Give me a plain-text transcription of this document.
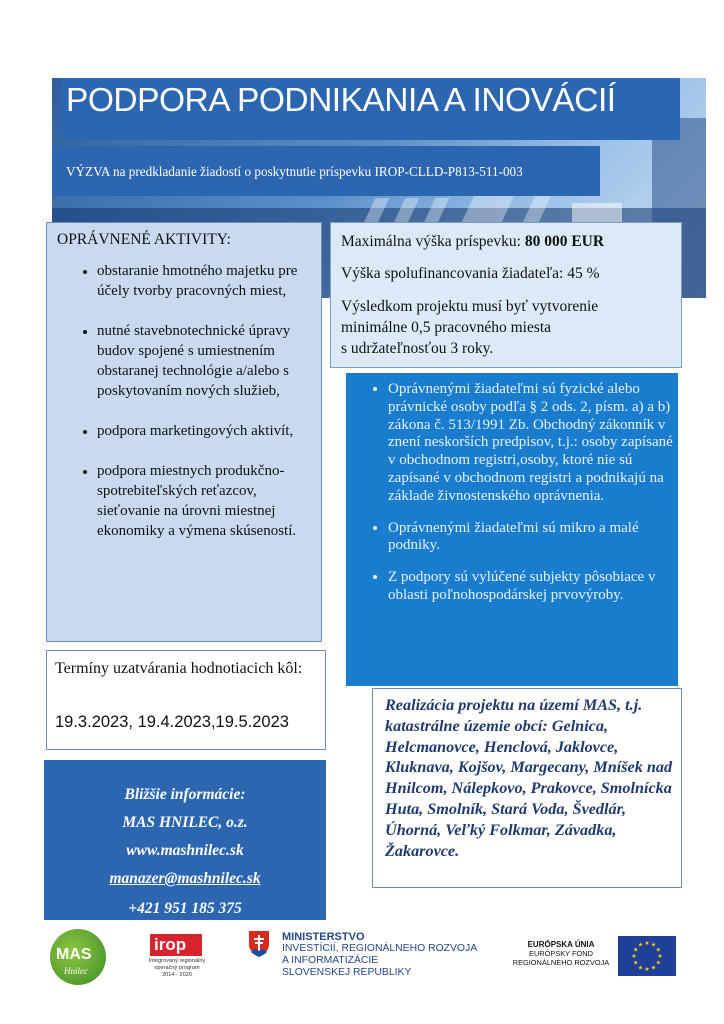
PODPORA PODNIKANIA A INOVÁCIÍ
VÝZVA na predkladanie žiadostí o poskytnutie príspevku IROP-CLLD-P813-511-003
OPRÁVNENÉ AKTIVITY:
• obstaranie hmotného majetku pre účely tvorby pracovných miest,
• nutné stavebnotechnické úpravy budov spojené s umiestnením obstaranej technológie a/alebo s poskytovaním nových služieb,
• podpora marketingových aktivít,
• podpora miestnych produkčno-spotrebiteľských reťazcov, sieťovanie na úrovni miestnej ekonomiky a výmena skúseností.
Maximálna výška príspevku: 80 000 EUR
Výška spolufinancovania žiadateľa: 45 %
Výsledkom projektu musí byť vytvorenie
minimálne 0,5 pracovného miesta
s udržateľnosťou 3 roky.
• Oprávnenými žiadateľmi sú fyzické alebo právnické osoby podľa § 2 ods. 2, písm. a) a b) zákona č. 513/1991 Zb. Obchodný zákonník v znení neskorších predpisov, t.j.: osoby zapísané v obchodnom registri,osoby, ktoré nie sú zapísané v obchodnom registri a podnikajú na základe živnostenského oprávnenia.
• Oprávnenými žiadateľmi sú mikro a malé podniky.
• Z podpory sú vylúčené subjekty pôsobiace v oblasti poľnohospodárskej prvovýroby.
Termíny uzatvárania hodnotiacich kôl:
19.3.2023, 19.4.2023,19.5.2023
Bližšie informácie:
MAS HNILEC, o.z.
www.mashnilec.sk
manazer@mashnilec.sk
+421 951 185 375
Realizácia projektu na území MAS, t.j. katastrálne územie obcí: Gelnica, Helcmanovce, Henclová, Jaklovce, Kluknava, Kojšov, Margecany, Mníšek nad Hnilcom, Nálepkovo, Prakovce, Smolnícka Huta, Smolník, Stará Voda, Švedlár, Úhorná, Veľký Folkmar, Závadka, Žakarovce.
MAS
Hnilec
irop
Integrovaný regionálny
operačný program
2014 - 2020
MINISTERSTVO
INVESTÍCIÍ, REGIONÁLNEHO ROZVOJA
A INFORMATIZÁCIE
SLOVENSKEJ REPUBLIKY
EURÓPSKA ÚNIA
EURÓPSKY FOND
REGIONÁLNEHO ROZVOJA
★ ★
★
★
★
★
★
★
★
★
★
★
